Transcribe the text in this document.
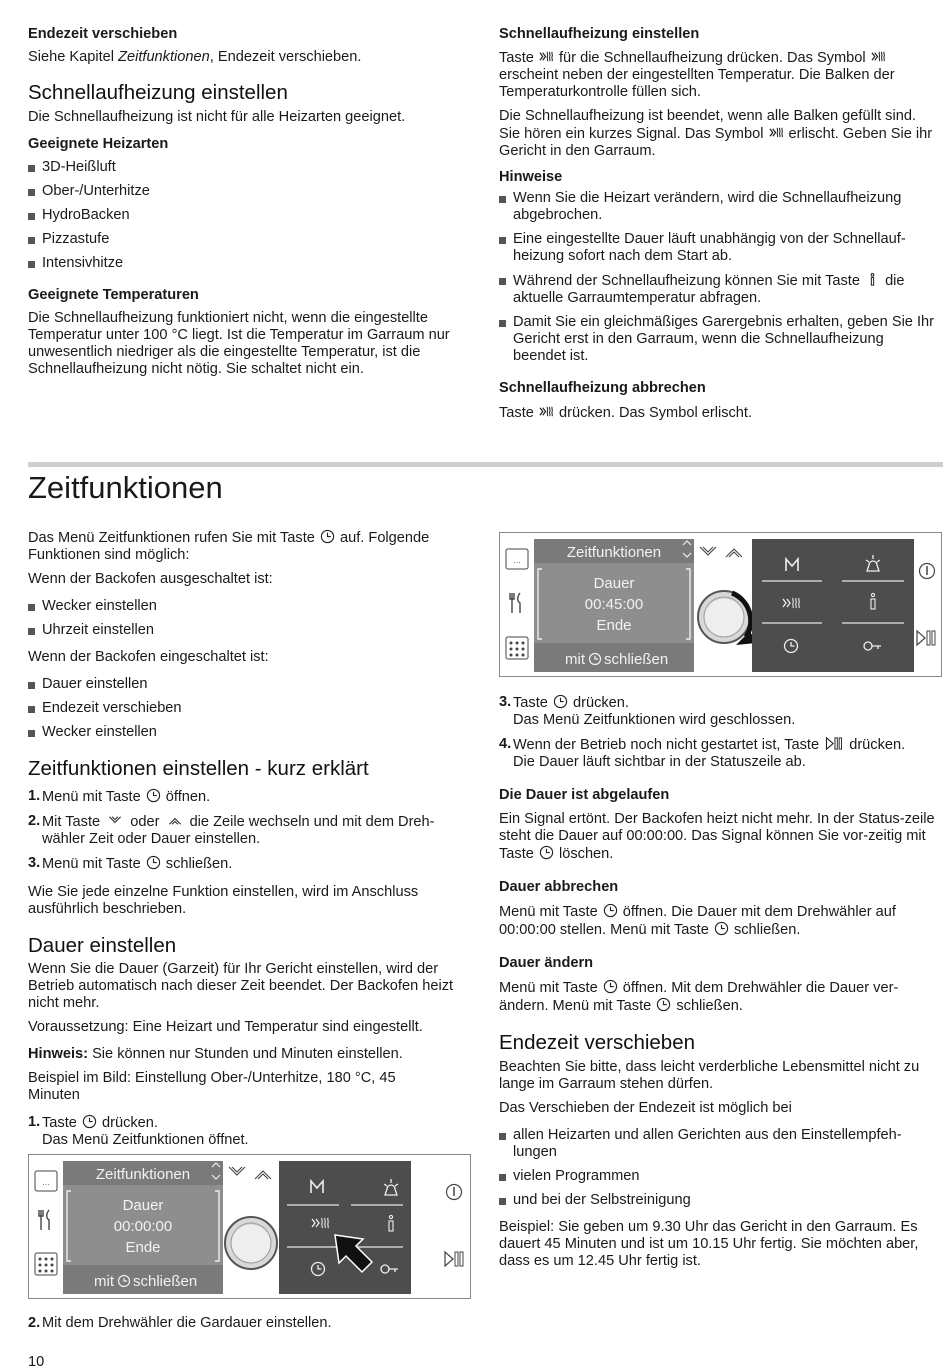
Endezeit verschieben

Siehe Kapitel Zeitfunktionen, Endezeit verschieben.

Schnellaufheizung einstellen

Die Schnellaufheizung ist nicht für alle Heizarten geeignet.

Geeignete Heizarten

3D-Heißluft
Ober-/Unterhitze
HydroBacken
Pizzastufe
Intensivhitze

Geeignete Temperaturen

Die Schnellaufheizung funktioniert nicht, wenn die eingestellte Temperatur unter 100 °C liegt. Ist die Temperatur im Garraum nur unwesentlich niedriger als die eingestellte Temperatur, ist die Schnellaufheizung nicht nötig. Sie schaltet nicht ein.

Schnellaufheizung einstellen

Taste  für die Schnellaufheizung drücken. Das Symbol  erscheint neben der eingestellten Temperatur. Die Balken der Temperaturkontrolle füllen sich.

Die Schnellaufheizung ist beendet, wenn alle Balken gefüllt sind. Sie hören ein kurzes Signal. Das Symbol  erlischt. Geben Sie ihr Gericht in den Garraum.

Hinweise

Wenn Sie die Heizart verändern, wird die Schnellaufheizung abgebrochen.
Eine eingestellte Dauer läuft unabhängig von der Schnellauf-heizung sofort nach dem Start ab.
Während der Schnellaufheizung können Sie mit Taste  die aktuelle Garraumtemperatur abfragen.
Damit Sie ein gleichmäßiges Garergebnis erhalten, geben Sie Ihr Gericht erst in den Garraum, wenn die Schnellaufheizung beendet ist.

Schnellaufheizung abbrechen

Taste  drücken. Das Symbol erlischt.

Zeitfunktionen

Das Menü Zeitfunktionen rufen Sie mit Taste  auf. Folgende Funktionen sind möglich:

Wenn der Backofen ausgeschaltet ist:

Wecker einstellen
Uhrzeit einstellen

Wenn der Backofen eingeschaltet ist:

Dauer einstellen
Endezeit verschieben
Wecker einstellen

Zeitfunktionen einstellen - kurz erklärt

1. Menü mit Taste  öffnen.
2. Mit Taste  oder  die Zeile wechseln und mit dem Dreh-wähler Zeit oder Dauer einstellen.
3. Menü mit Taste  schließen.

Wie Sie jede einzelne Funktion einstellen, wird im Anschluss ausführlich beschrieben.

Dauer einstellen

Wenn Sie die Dauer (Garzeit) für Ihr Gericht einstellen, wird der Betrieb automatisch nach dieser Zeit beendet. Der Backofen heizt nicht mehr.

Voraussetzung: Eine Heizart und Temperatur sind eingestellt.

Hinweis: Sie können nur Stunden und Minuten einstellen.

Beispiel im Bild: Einstellung Ober-/Unterhitze, 180 °C, 45 Minuten

1. Taste  drücken.
Das Menü Zeitfunktionen öffnet.
…	Zeitfunktionen
Dauer
00:00:00
Ende
mit schließen
2. Mit dem Drehwähler die Gardauer einstellen.
…	Zeitfunktionen
Dauer
00:45:00
Ende
mit schließen
3. Taste  drücken.
Das Menü Zeitfunktionen wird geschlossen.
4. Wenn der Betrieb noch nicht gestartet ist, Taste  drücken.
Die Dauer läuft sichtbar in der Statuszeile ab.

Die Dauer ist abgelaufen

Ein Signal ertönt. Der Backofen heizt nicht mehr. In der Status-zeile steht die Dauer auf 00:00:00. Das Signal können Sie vor-zeitig mit Taste  löschen.

Dauer abbrechen

Menü mit Taste  öffnen. Die Dauer mit dem Drehwähler auf 00:00:00 stellen. Menü mit Taste  schließen.

Dauer ändern

Menü mit Taste  öffnen. Mit dem Drehwähler die Dauer ver-ändern. Menü mit Taste  schließen.

Endezeit verschieben

Beachten Sie bitte, dass leicht verderbliche Lebensmittel nicht zu lange im Garraum stehen dürfen.

Das Verschieben der Endezeit ist möglich bei

allen Heizarten und allen Gerichten aus den Einstellempfeh-lungen
vielen Programmen
und bei der Selbstreinigung

Beispiel: Sie geben um 9.30 Uhr das Gericht in den Garraum. Es dauert 45 Minuten und ist um 10.15 Uhr fertig. Sie möchten aber, dass es um 12.45 Uhr fertig ist.

10
